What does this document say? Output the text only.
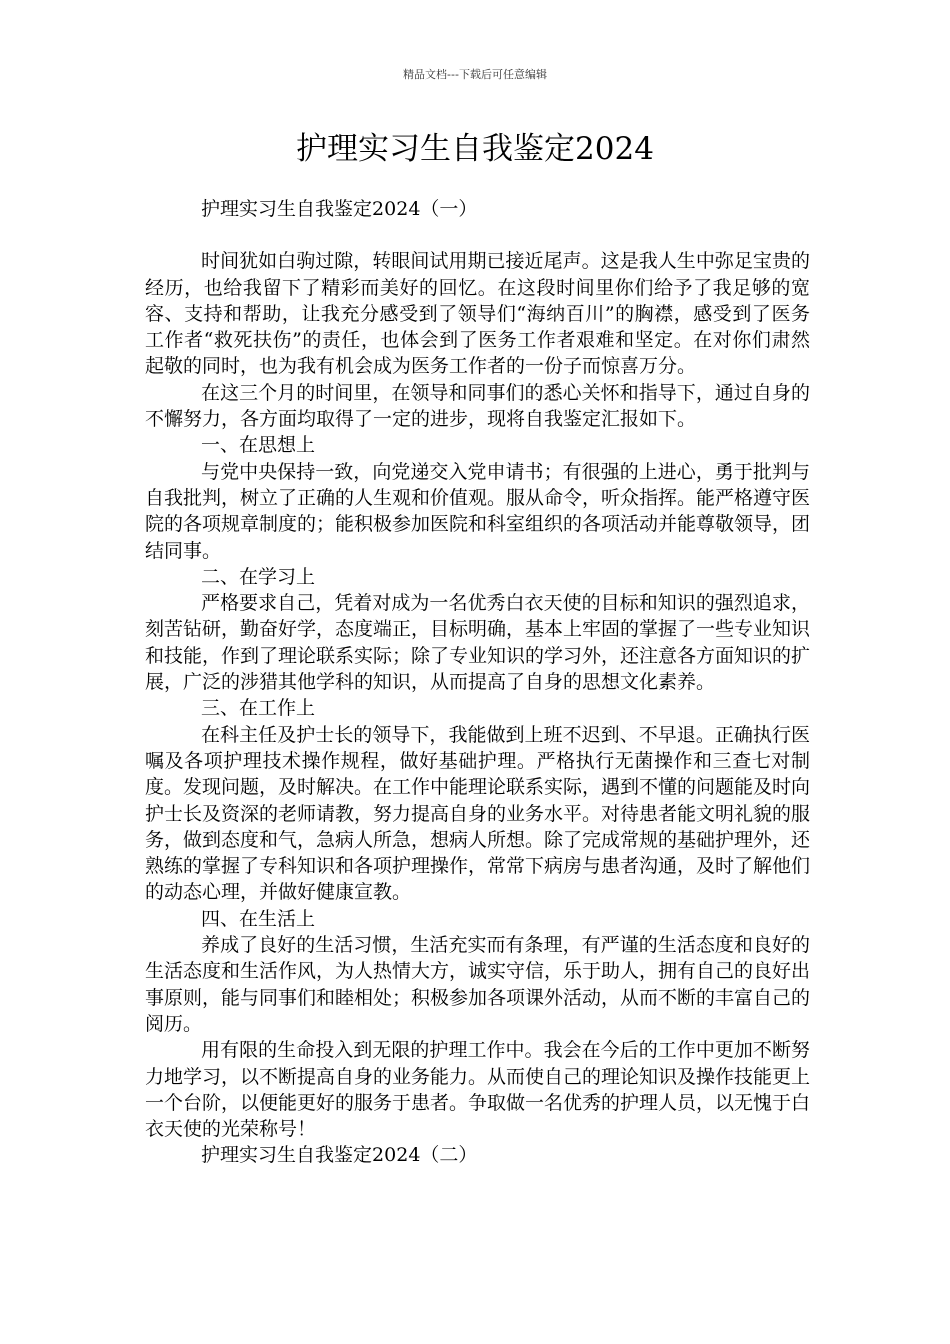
精品文档---下载后可任意编辑
护理实习生自我鉴定2024

护理实习生自我鉴定2024（一）

时间犹如白驹过隙，转眼间试用期已接近尾声。这是我人生中弥足宝贵的经历，也给我留下了精彩而美好的回忆。在这段时间里你们给予了我足够的宽容、支持和帮助，让我充分感受到了领导们“海纳百川”的胸襟，感受到了医务工作者“救死扶伤”的责任，也体会到了医务工作者艰难和坚定。在对你们肃然起敬的同时，也为我有机会成为医务工作者的一份子而惊喜万分。

在这三个月的时间里，在领导和同事们的悉心关怀和指导下，通过自身的不懈努力，各方面均取得了一定的进步，现将自我鉴定汇报如下。

一、在思想上

与党中央保持一致，向党递交入党申请书；有很强的上进心，勇于批判与自我批判，树立了正确的人生观和价值观。服从命令，听众指挥。能严格遵守医院的各项规章制度的；能积极参加医院和科室组织的各项活动并能尊敬领导，团结同事。

二、在学习上

严格要求自己，凭着对成为一名优秀白衣天使的目标和知识的强烈追求，刻苦钻研，勤奋好学，态度端正，目标明确，基本上牢固的掌握了一些专业知识和技能，作到了理论联系实际；除了专业知识的学习外，还注意各方面知识的扩展，广泛的涉猎其他学科的知识，从而提高了自身的思想文化素养。

三、在工作上

在科主任及护士长的领导下，我能做到上班不迟到、不早退。正确执行医嘱及各项护理技术操作规程，做好基础护理。严格执行无菌操作和三查七对制度。发现问题，及时解决。在工作中能理论联系实际，遇到不懂的问题能及时向护士长及资深的老师请教，努力提高自身的业务水平。对待患者能文明礼貌的服务，做到态度和气，急病人所急，想病人所想。除了完成常规的基础护理外，还熟练的掌握了专科知识和各项护理操作，常常下病房与患者沟通，及时了解他们的动态心理，并做好健康宣教。

四、在生活上

养成了良好的生活习惯，生活充实而有条理，有严谨的生活态度和良好的生活态度和生活作风，为人热情大方，诚实守信，乐于助人，拥有自己的良好出事原则，能与同事们和睦相处；积极参加各项课外活动，从而不断的丰富自己的阅历。

用有限的生命投入到无限的护理工作中。我会在今后的工作中更加不断努力地学习，以不断提高自身的业务能力。从而使自己的理论知识及操作技能更上一个台阶，以便能更好的服务于患者。争取做一名优秀的护理人员，以无愧于白衣天使的光荣称号！

护理实习生自我鉴定2024（二）
